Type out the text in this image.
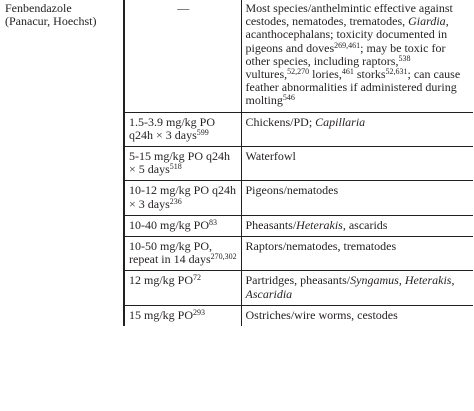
Fenbendazole
(Panacur, Hoechst)	—	Most species/anthelmintic effective against cestodes, nematodes, trematodes, Giardia, acanthocephalans; toxicity documented in pigeons and doves$^{269,461}$; may be toxic for other species, including raptors,$^{538}$ vultures,$^{52,270}$ lories,$^{461}$ storks$^{52,631}$; can cause feather abnormalities if administered during molting$^{546}$
	1.5-3.9 mg/kg PO q24h × 3 days$^{599}$	Chickens/PD; Capillaria
	5-15 mg/kg PO q24h × 5 days$^{518}$	Waterfowl
	10-12 mg/kg PO q24h × 3 days$^{236}$	Pigeons/nematodes
	10-40 mg/kg PO$^{83}$	Pheasants/Heterakis, ascarids
	10-50 mg/kg PO, repeat in 14 days$^{270,302}$	Raptors/nematodes, trematodes
	12 mg/kg PO$^{72}$	Partridges, pheasants/Syngamus, Heterakis, Ascaridia
	15 mg/kg PO$^{293}$	Ostriches/wire worms, cestodes
